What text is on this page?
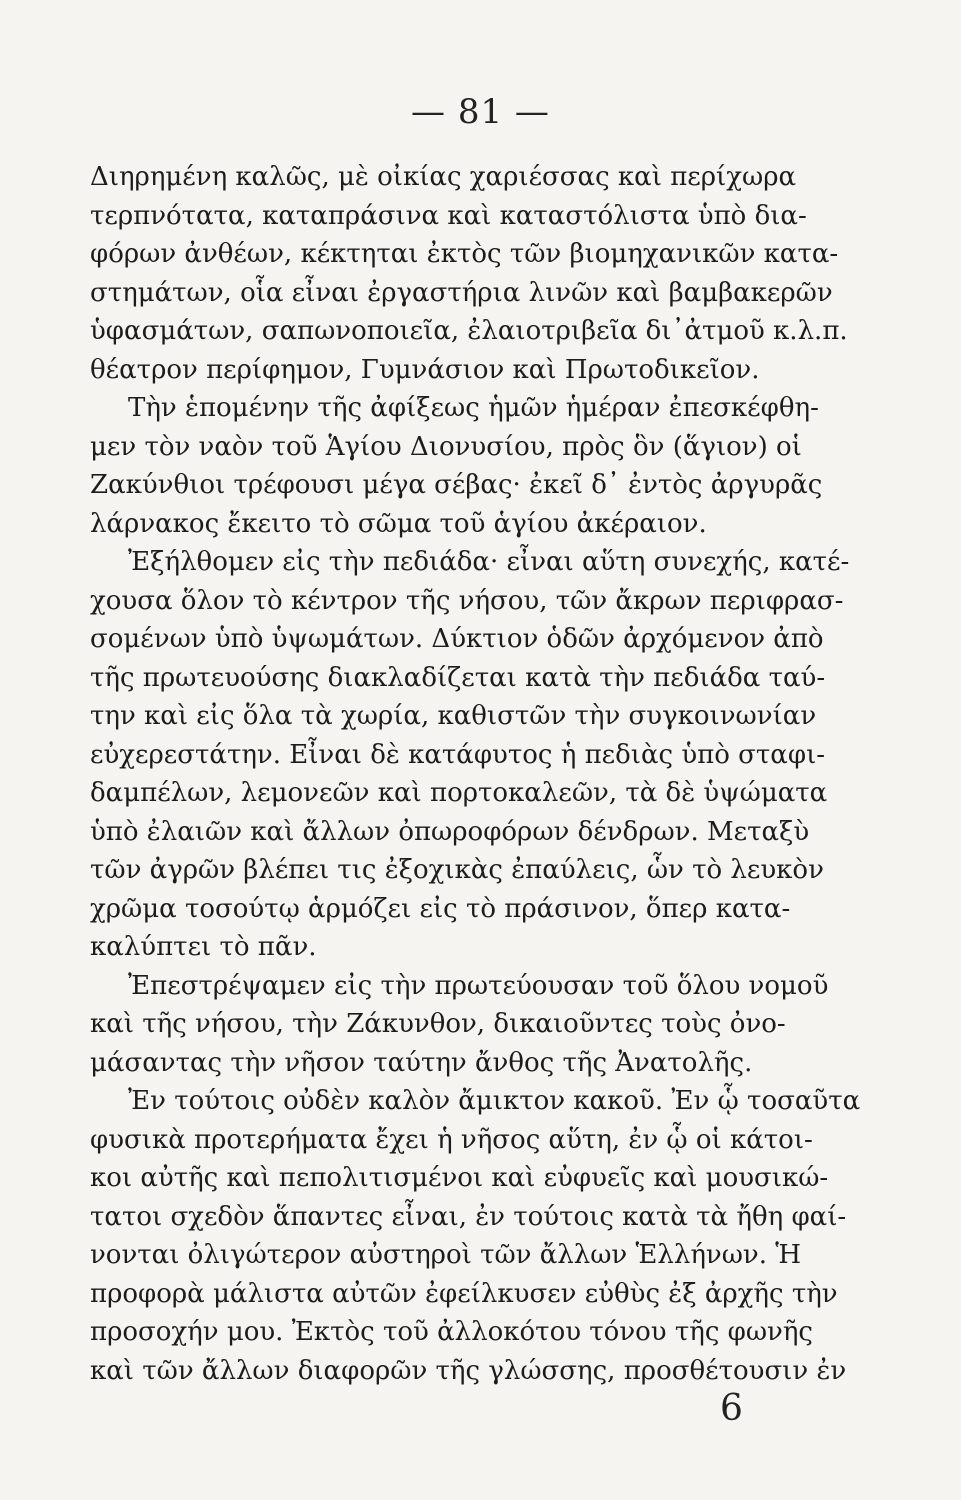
— 81 —
Διηρημένη καλῶς, μὲ οἰκίας χαριέσσας καὶ περίχωρα
τερπνότατα, καταπράσινα καὶ καταστόλιστα ὑπὸ δια-
φόρων ἀνθέων, κέκτηται ἐκτὸς τῶν βιομηχανικῶν κατα-
στημάτων, οἷα εἶναι ἐργαστήρια λινῶν καὶ βαμβακερῶν
ὑφασμάτων, σαπωνοποιεῖα, ἐλαιοτριβεῖα δι᾽ἀτμοῦ κ.λ.π.
θέατρον περίφημον, Γυμνάσιον καὶ Πρωτοδικεῖον.
Τὴν ἑπομένην τῆς ἀφίξεως ἡμῶν ἡμέραν ἐπεσκέφθη-
μεν τὸν ναὸν τοῦ Ἁγίου Διονυσίου, πρὸς ὃν (ἅγιον) οἱ
Ζακύνθιοι τρέφουσι μέγα σέβας· ἐκεῖ δ᾽ ἐντὸς ἀργυρᾶς
λάρνακος ἔκειτο τὸ σῶμα τοῦ ἁγίου ἀκέραιον.
Ἐξήλθομεν εἰς τὴν πεδιάδα· εἶναι αὕτη συνεχής, κατέ-
χουσα ὅλον τὸ κέντρον τῆς νήσου, τῶν ἄκρων περιφρασ-
σομένων ὑπὸ ὑψωμάτων. Δύκτιον ὁδῶν ἀρχόμενον ἀπὸ
τῆς πρωτευούσης διακλαδίζεται κατὰ τὴν πεδιάδα ταύ-
την καὶ εἰς ὅλα τὰ χωρία, καθιστῶν τὴν συγκοινωνίαν
εὐχερεστάτην. Εἶναι δὲ κατάφυτος ἡ πεδιὰς ὑπὸ σταφι-
δαμπέλων, λεμονεῶν καὶ πορτοκαλεῶν, τὰ δὲ ὑψώματα
ὑπὸ ἐλαιῶν καὶ ἄλλων ὀπωροφόρων δένδρων. Μεταξὺ
τῶν ἀγρῶν βλέπει τις ἐξοχικὰς ἐπαύλεις, ὧν τὸ λευκὸν
χρῶμα τοσούτῳ ἁρμόζει εἰς τὸ πράσινον, ὅπερ κατα-
καλύπτει τὸ πᾶν.
Ἐπεστρέψαμεν εἰς τὴν πρωτεύουσαν τοῦ ὅλου νομοῦ
καὶ τῆς νήσου, τὴν Ζάκυνθον, δικαιοῦντες τοὺς ὀνο-
μάσαντας τὴν νῆσον ταύτην ἄνθος τῆς Ἀνατολῆς.
Ἐν τούτοις οὐδὲν καλὸν ἄμικτον κακοῦ. Ἐν ᾧ τοσαῦτα
φυσικὰ προτερήματα ἔχει ἡ νῆσος αὕτη, ἐν ᾧ οἱ κάτοι-
κοι αὐτῆς καὶ πεπολιτισμένοι καὶ εὐφυεῖς καὶ μουσικώ-
τατοι σχεδὸν ἅπαντες εἶναι, ἐν τούτοις κατὰ τὰ ἤθη φαί-
νονται ὀλιγώτερον αὐστηροὶ τῶν ἄλλων Ἑλλήνων. Ἡ
προφορὰ μάλιστα αὐτῶν ἐφείλκυσεν εὐθὺς ἐξ ἀρχῆς τὴν
προσοχήν μου. Ἐκτὸς τοῦ ἀλλοκότου τόνου τῆς φωνῆς
καὶ τῶν ἄλλων διαφορῶν τῆς γλώσσης, προσθέτουσιν ἐν
6
